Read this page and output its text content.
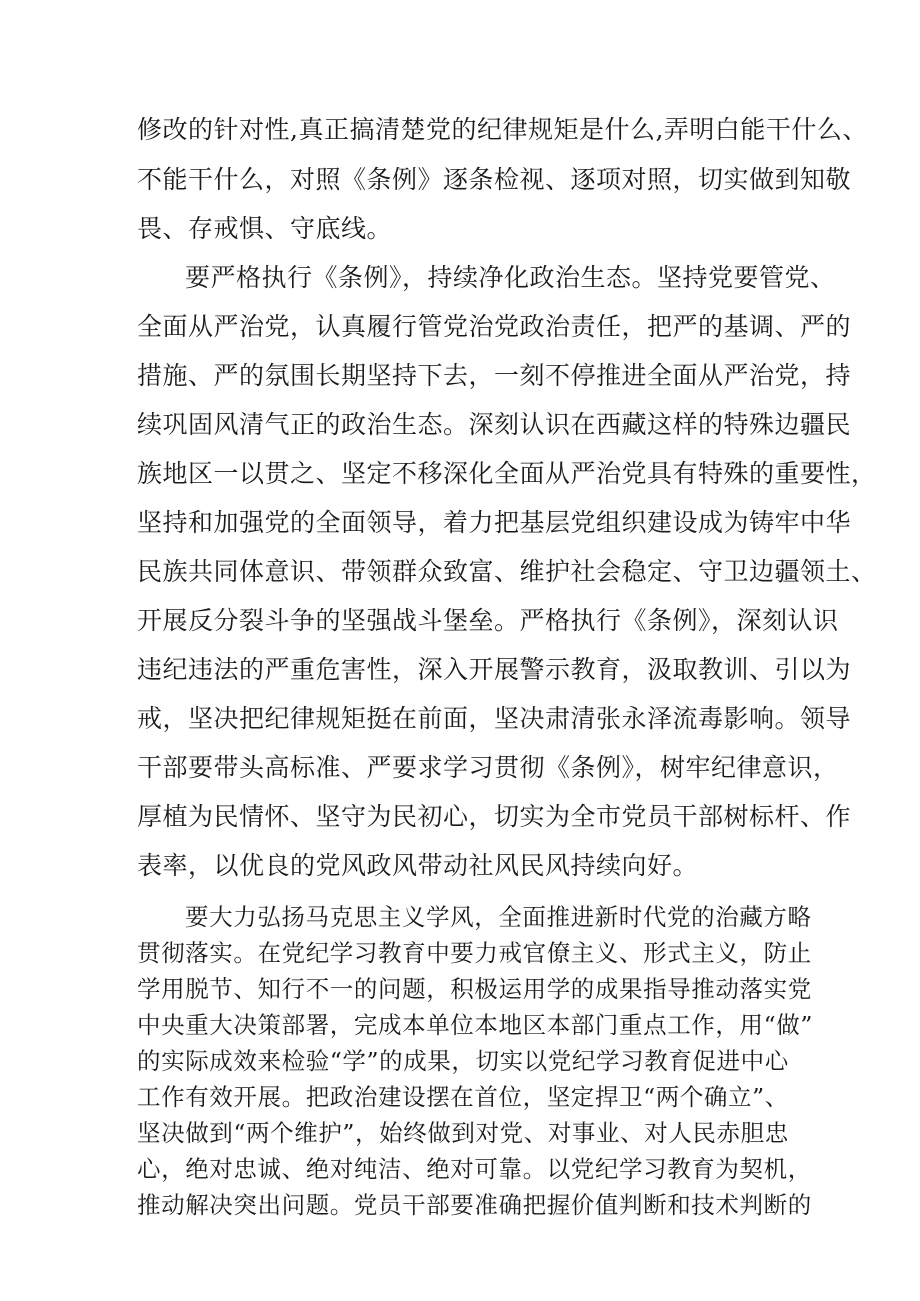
修改的针对性,真正搞清楚党的纪律规矩是什么,弄明白能干什么、
不能干什么，对照《条例》逐条检视、逐项对照，切实做到知敬
畏、存戒惧、守底线。
要严格执行《条例》，持续净化政治生态。坚持党要管党、
全面从严治党，认真履行管党治党政治责任，把严的基调、严的
措施、严的氛围长期坚持下去，一刻不停推进全面从严治党，持
续巩固风清气正的政治生态。深刻认识在西藏这样的特殊边疆民
族地区一以贯之、坚定不移深化全面从严治党具有特殊的重要性，
坚持和加强党的全面领导，着力把基层党组织建设成为铸牢中华
民族共同体意识、带领群众致富、维护社会稳定、守卫边疆领土、
开展反分裂斗争的坚强战斗堡垒。严格执行《条例》，深刻认识
违纪违法的严重危害性，深入开展警示教育，汲取教训、引以为
戒，坚决把纪律规矩挺在前面，坚决肃清张永泽流毒影响。领导
干部要带头高标准、严要求学习贯彻《条例》，树牢纪律意识，
厚植为民情怀、坚守为民初心，切实为全市党员干部树标杆、作
表率，以优良的党风政风带动社风民风持续向好。
要大力弘扬马克思主义学风，全面推进新时代党的治藏方略
贯彻落实。在党纪学习教育中要力戒官僚主义、形式主义，防止
学用脱节、知行不一的问题，积极运用学的成果指导推动落实党
中央重大决策部署，完成本单位本地区本部门重点工作，用“做”
的实际成效来检验“学”的成果，切实以党纪学习教育促进中心
工作有效开展。把政治建设摆在首位，坚定捍卫“两个确立”、
坚决做到“两个维护”，始终做到对党、对事业、对人民赤胆忠
心，绝对忠诚、绝对纯洁、绝对可靠。以党纪学习教育为契机，
推动解决突出问题。党员干部要准确把握价值判断和技术判断的
